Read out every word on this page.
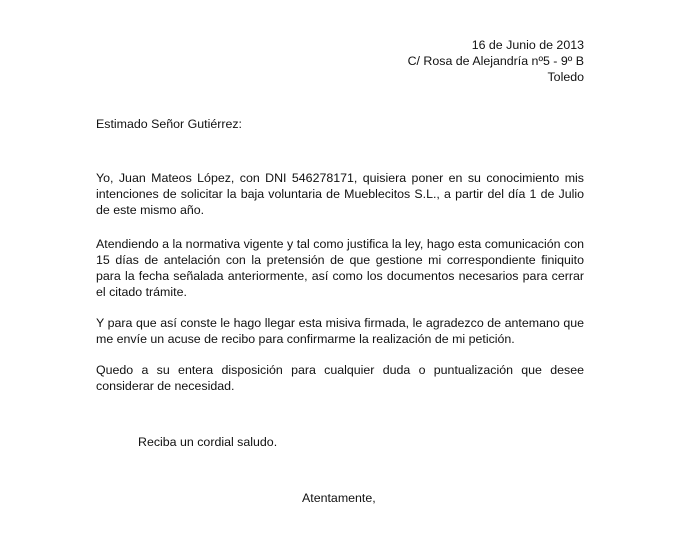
16 de Junio de 2013
C/ Rosa de Alejandría nº5 - 9º B
Toledo
Estimado Señor Gutiérrez:
Yo, Juan Mateos López, con DNI 546278171, quisiera poner en su conocimiento mis intenciones de solicitar la baja voluntaria de Mueblecitos S.L., a partir del día 1 de Julio de este mismo año.
Atendiendo a la normativa vigente y tal como justifica la ley, hago esta comunicación con 15 días de antelación con la pretensión de que gestione mi correspondiente finiquito para la fecha señalada anteriormente, así como los documentos necesarios para cerrar el citado trámite.
Y para que así conste le hago llegar esta misiva firmada, le agradezco de antemano que me envíe un acuse de recibo para confirmarme la realización de mi petición.
Quedo a su entera disposición para cualquier duda o puntualización que desee considerar de necesidad.
Reciba un cordial saludo.
Atentamente,
